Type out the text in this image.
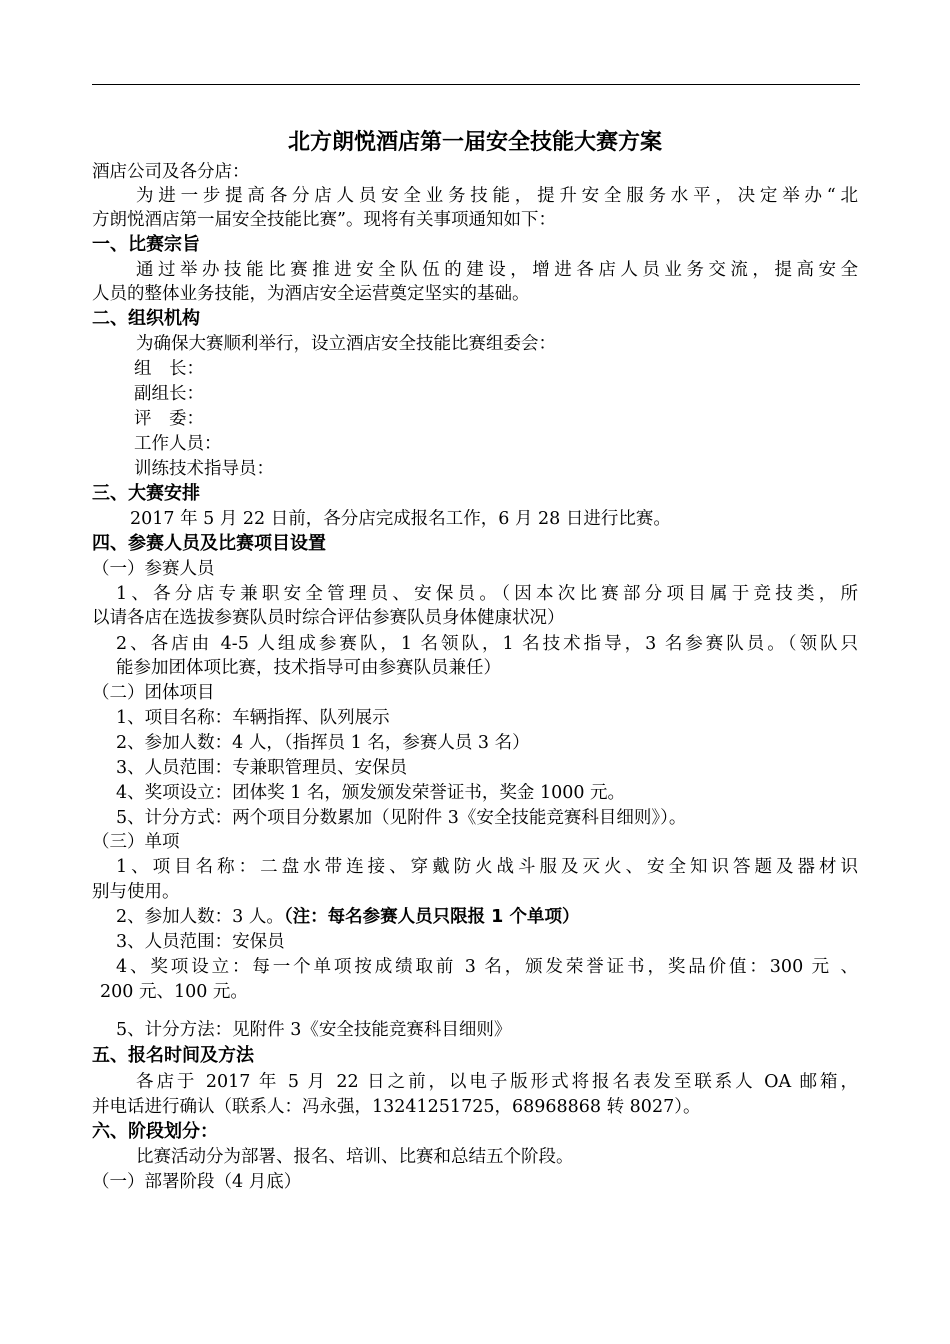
北方朗悦酒店第一届安全技能大赛方案
酒店公司及各分店：
为进一步提高各分店人员安全业务技能，提升安全服务水平，决定举办“北
方朗悦酒店第一届安全技能比赛”。现将有关事项通知如下：
一、比赛宗旨
通过举办技能比赛推进安全队伍的建设，增进各店人员业务交流，提高安全
人员的整体业务技能，为酒店安全运营奠定坚实的基础。
二、组织机构
为确保大赛顺利举行，设立酒店安全技能比赛组委会：
组　长：
副组长：
评　委：
工作人员：
训练技术指导员：
三、大赛安排
2017 年 5 月 22 日前，各分店完成报名工作，6 月 28 日进行比赛。
四、参赛人员及比赛项目设置
（一）参赛人员
1、各分店专兼职安全管理员、安保员。（因本次比赛部分项目属于竞技类，所
以请各店在选拔参赛队员时综合评估参赛队员身体健康状况）
2、各店由 4-5 人组成参赛队，1 名领队，1 名技术指导，3 名参赛队员。（领队只
能参加团体项比赛，技术指导可由参赛队员兼任）
（二）团体项目
1、项目名称：车辆指挥、队列展示
2、参加人数：4 人，（指挥员 1 名，参赛人员 3 名）
3、人员范围：专兼职管理员、安保员
4、奖项设立：团体奖 1 名，颁发颁发荣誉证书，奖金 1000 元。
5、计分方式：两个项目分数累加（见附件 3《安全技能竞赛科目细则》）。
（三）单项
1、项目名称：二盘水带连接、穿戴防火战斗服及灭火、安全知识答题及器材识
别与使用。
2、参加人数：3 人。（注：每名参赛人员只限报 1 个单项）
3、人员范围：安保员
4、奖项设立：每一个单项按成绩取前 3 名，颁发荣誉证书，奖品价值：300 元 、
200 元、100 元。
5、计分方法：见附件 3《安全技能竞赛科目细则》
五、报名时间及方法
各店于 2017 年 5 月 22 日之前，以电子版形式将报名表发至联系人 OA 邮箱，
并电话进行确认（联系人：冯永强，13241251725，68968868 转 8027）。
六、阶段划分：
比赛活动分为部署、报名、培训、比赛和总结五个阶段。
（一）部署阶段（4 月底）
